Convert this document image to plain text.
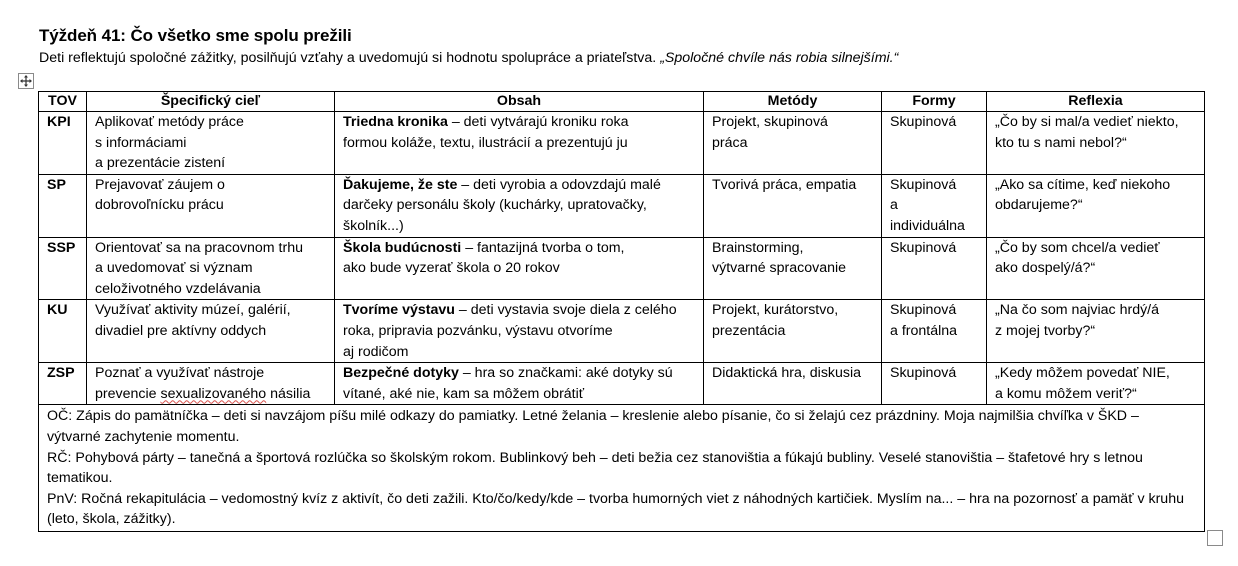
Týždeň 41: Čo všetko sme spolu prežili
Deti reflektujú spoločné zážitky, posilňujú vzťahy a uvedomujú si hodnotu spolupráce a priateľstva. „Spoločné chvíle nás robia silnejšími.“
TOV	Špecifický cieľ	Obsah	Metódy	Formy	Reflexia
KPI	Aplikovať metódy práce
s informáciami
a prezentácie zistení	Triedna kronika – deti vytvárajú kroniku roka
formou koláže, textu, ilustrácií a prezentujú ju	Projekt, skupinová
práca	Skupinová	„Čo by si mal/a vedieť niekto,
kto tu s nami nebol?“
SP	Prejavovať záujem o
dobrovoľnícku prácu	Ďakujeme, že ste – deti vyrobia a odovzdajú malé
darčeky personálu školy (kuchárky, upratovačky,
školník...)	Tvorivá práca, empatia	Skupinová
a
individuálna	„Ako sa cítime, keď niekoho
obdarujeme?“
SSP	Orientovať sa na pracovnom trhu
a uvedomovať si význam
celoživotného vzdelávania	Škola budúcnosti – fantazijná tvorba o tom,
ako bude vyzerať škola o 20 rokov	Brainstorming,
výtvarné spracovanie	Skupinová	„Čo by som chcel/a vedieť
ako dospelý/á?“
KU	Využívať aktivity múzeí, galérií,
divadiel pre aktívny oddych	Tvoríme výstavu – deti vystavia svoje diela z celého
roka, pripravia pozvánku, výstavu otvoríme
aj rodičom	Projekt, kurátorstvo,
prezentácia	Skupinová
a frontálna	„Na čo som najviac hrdý/á
z mojej tvorby?“
ZSP	Poznať a využívať nástroje
prevencie sexualizovaného násilia	Bezpečné dotyky – hra so značkami: aké dotyky sú
vítané, aké nie, kam sa môžem obrátiť	Didaktická hra, diskusia	Skupinová	„Kedy môžem povedať NIE,
a komu môžem veriť?“

OČ: Zápis do pamätníčka – deti si navzájom píšu milé odkazy do pamiatky. Letné želania – kreslenie alebo písanie, čo si želajú cez prázdniny. Moja najmilšia chvíľka v ŠKD – výtvarné zachytenie momentu.

RČ: Pohybová párty – tanečná a športová rozlúčka so školským rokom. Bublinkový beh – deti bežia cez stanovištia a fúkajú bubliny. Veselé stanovištia – štafetové hry s letnou tematikou.

PnV: Ročná rekapitulácia – vedomostný kvíz z aktivít, čo deti zažili. Kto/čo/kedy/kde – tvorba humorných viet z náhodných kartičiek. Myslím na... – hra na pozornosť a pamäť v kruhu (leto, škola, zážitky).					
